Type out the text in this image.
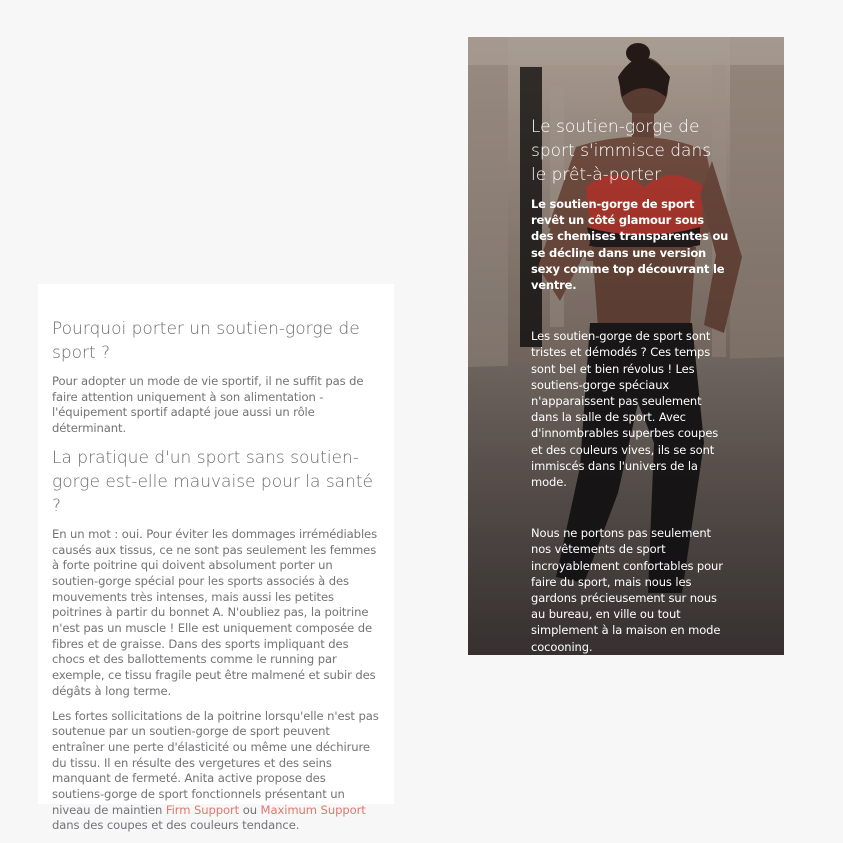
Pourquoi porter un soutien-gorge de sport ?

Pour adopter un mode de vie sportif, il ne suffit pas de faire attention uniquement à son alimentation - l'équipement sportif adapté joue aussi un rôle déterminant.

La pratique d'un sport sans soutien-gorge est-elle mauvaise pour la santé ?

En un mot : oui. Pour éviter les dommages irrémédiables causés aux tissus, ce ne sont pas seulement les femmes à forte poitrine qui doivent absolument porter un soutien-gorge spécial pour les sports associés à des mouvements très intenses, mais aussi les petites poitrines à partir du bonnet A. N'oubliez pas, la poitrine n'est pas un muscle ! Elle est uniquement composée de fibres et de graisse. Dans des sports impliquant des chocs et des ballottements comme le running par exemple, ce tissu fragile peut être malmené et subir des dégâts à long terme.

Les fortes sollicitations de la poitrine lorsqu'elle n'est pas soutenue par un soutien-gorge de sport peuvent entraîner une perte d'élasticité ou même une déchirure du tissu. Il en résulte des vergetures et des seins manquant de fermeté. Anita active propose des soutiens-gorge de sport fonctionnels présentant un niveau de maintien Firm Support ou Maximum Support dans des coupes et des couleurs tendance.

Le soutien-gorge de sport s'immisce dans le prêt-à-porter
Le soutien-gorge de sport revêt un côté glamour sous des chemises transparentes ou se décline dans une version sexy comme top découvrant le ventre.
Les soutien-gorge de sport sont tristes et démodés ? Ces temps sont bel et bien révolus ! Les soutiens-gorge spéciaux n'apparaissent pas seulement dans la salle de sport. Avec d'innombrables superbes coupes et des couleurs vives, ils se sont immiscés dans l'univers de la mode.
Nous ne portons pas seulement nos vêtements de sport incroyablement confortables pour faire du sport, mais nous les gardons précieusement sur nous au bureau, en ville ou tout simplement à la maison en mode cocooning.
